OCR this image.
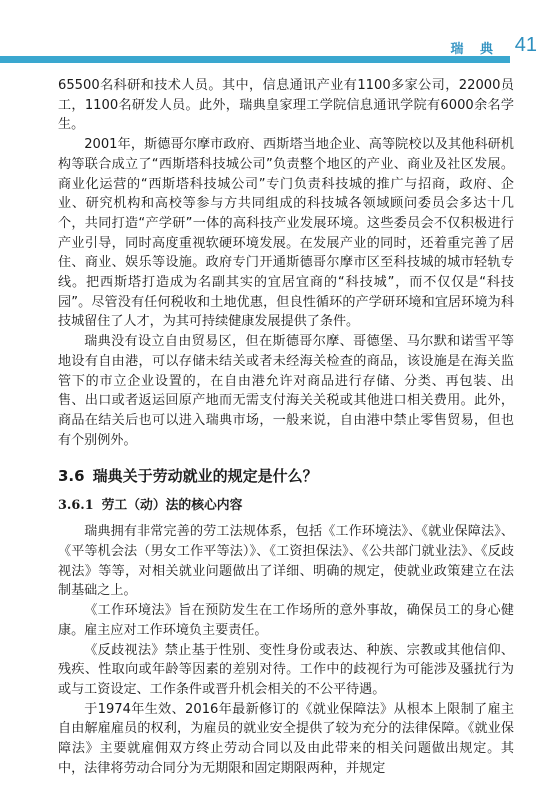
瑞 典 41

65500名科研和技术人员。其中，信息通讯产业有1100多家公司，22000员工，1100名研发人员。此外，瑞典皇家理工学院信息通讯学院有6000余名学生。

2001年，斯德哥尔摩市政府、西斯塔当地企业、高等院校以及其他科研机构等联合成立了“西斯塔科技城公司”负责整个地区的产业、商业及社区发展。商业化运营的“西斯塔科技城公司”专门负责科技城的推广与招商，政府、企业、研究机构和高校等参与方共同组成的科技城各领域顾问委员会多达十几个，共同打造“产学研”一体的高科技产业发展环境。这些委员会不仅积极进行产业引导，同时高度重视软硬环境发展。在发展产业的同时，还着重完善了居住、商业、娱乐等设施。政府专门开通斯德哥尔摩市区至科技城的城市轻轨专线。把西斯塔打造成为名副其实的宜居宜商的“科技城”，而不仅仅是“科技园”。尽管没有任何税收和土地优惠，但良性循环的产学研环境和宜居环境为科技城留住了人才，为其可持续健康发展提供了条件。

瑞典没有设立自由贸易区，但在斯德哥尔摩、哥德堡、马尔默和诺雪平等地设有自由港，可以存储未结关或者未经海关检查的商品，该设施是在海关监管下的市立企业设置的，在自由港允许对商品进行存储、分类、再包装、出售、出口或者返运回原产地而无需支付海关关税或其他进口相关费用。此外，商品在结关后也可以进入瑞典市场，一般来说，自由港中禁止零售贸易，但也有个别例外。

3.6 瑞典关于劳动就业的规定是什么？
3.6.1 劳工（动）法的核心内容

瑞典拥有非常完善的劳工法规体系，包括《工作环境法》、《就业保障法》、《平等机会法（男女工作平等法）》、《工资担保法》、《公共部门就业法》、《反歧视法》等等，对相关就业问题做出了详细、明确的规定，使就业政策建立在法制基础之上。

《工作环境法》旨在预防发生在工作场所的意外事故，确保员工的身心健康。雇主应对工作环境负主要责任。

《反歧视法》禁止基于性别、变性身份或表达、种族、宗教或其他信仰、残疾、性取向或年龄等因素的差别对待。工作中的歧视行为可能涉及骚扰行为或与工资设定、工作条件或晋升机会相关的不公平待遇。

于1974年生效、2016年最新修订的《就业保障法》从根本上限制了雇主自由解雇雇员的权利，为雇员的就业安全提供了较为充分的法律保障。《就业保障法》主要就雇佣双方终止劳动合同以及由此带来的相关问题做出规定。其中，法律将劳动合同分为无期限和固定期限两种，并规定
